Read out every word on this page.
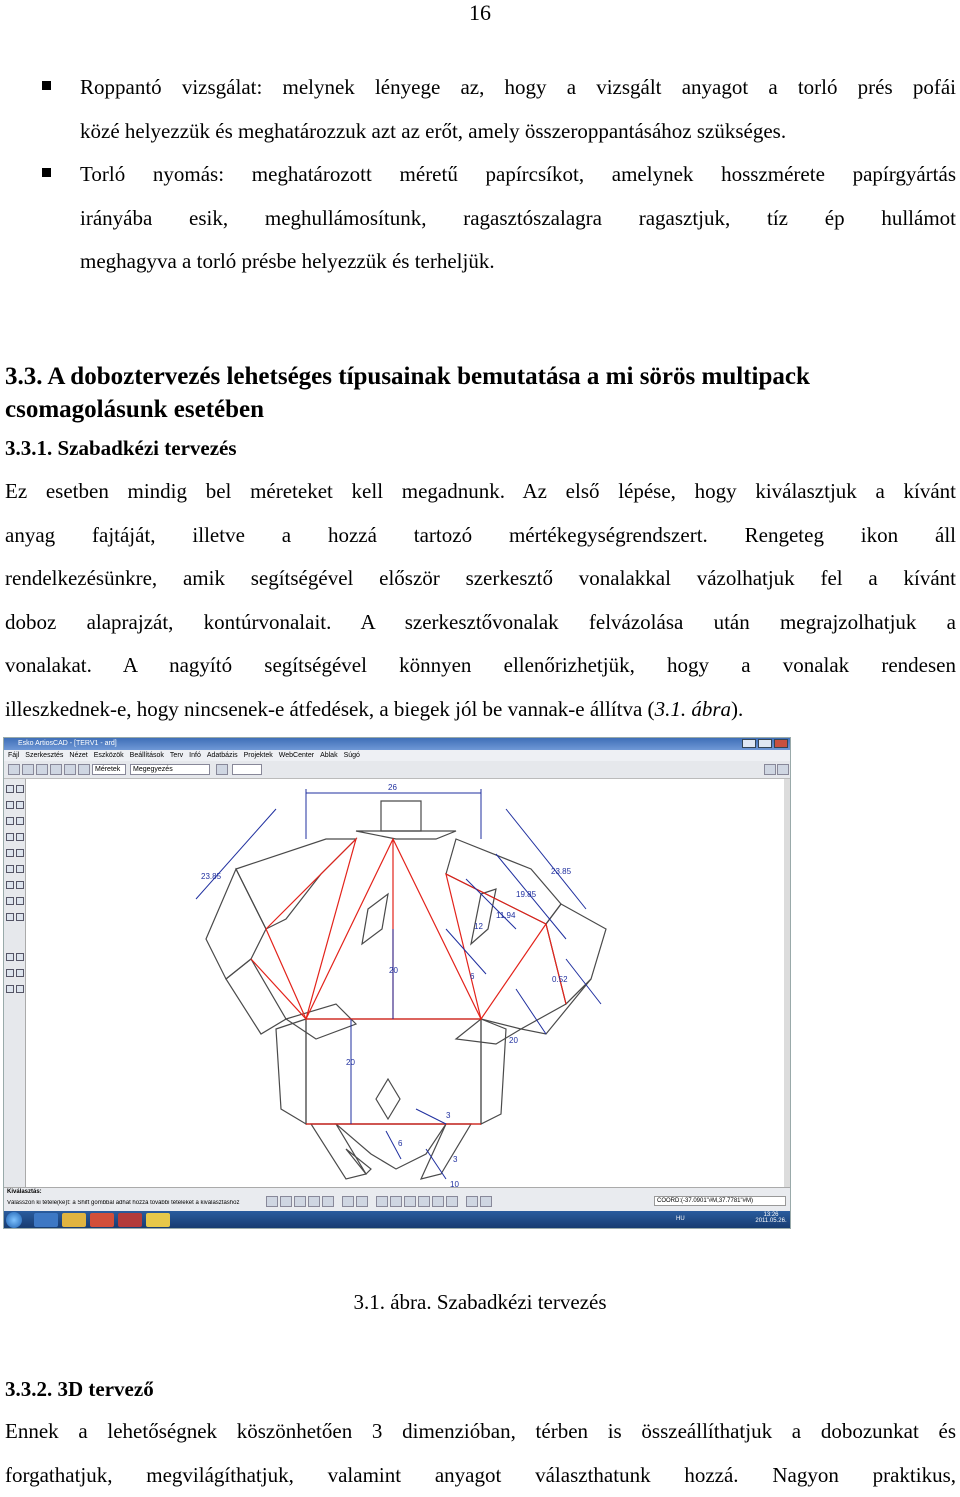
16
Roppantó vizsgálat: melynek lényege az, hogy a vizsgált anyagot a torló prés pofái
közé helyezzük és meghatározzuk azt az erőt, amely összeroppantásához szükséges.
Torló nyomás: meghatározott méretű papírcsíkot, amelynek hosszmérete papírgyártás
irányába esik, meghullámosítunk, ragasztószalagra ragasztjuk, tíz ép hullámot
meghagyva a torló présbe helyezzük és terheljük.
3.3. A doboztervezés lehetséges típusainak bemutatása a mi sörös multipack csomagolásunk esetében
3.3.1. Szabadkézi tervezés
Ez esetben mindig bel méreteket kell megadnunk. Az első lépése, hogy kiválasztjuk a kívánt
anyag fajtáját, illetve a hozzá tartozó mértékegységrendszert. Rengeteg ikon áll
rendelkezésünkre, amik segítségével először szerkesztő vonalakkal vázolhatjuk fel a kívánt
doboz alaprajzát, kontúrvonalait. A szerkesztővonalak felvázolása után megrajzolhatjuk a
vonalakat. A nagyító segítségével könnyen ellenőrizhetjük, hogy a vonalak rendesen
illeszkednek-e, hogy nincsenek-e átfedések, a biegek jól be vannak-e állítva (3.1. ábra).
Esko ArtiosCAD - [TERV1 - ard]
Fájl Szerkesztés Nézet Eszközök Beállítások Terv Infó Adatbázis Projektek WebCenter Ablak Súgó
Méretek	Megegyezés
26
23.85
23.85
19.85
11.94
12
20
6	0.52
20
20
3
6
3
10
Kiválasztás:
Válasszon ki tétele(ke)t: a Shift gombbal adhat hozzá további tételeket a kiválasztáshoz	COORD:(-37.0901"#M,37.7781"#M)
HU
13:26
2011.05.26.
3.1. ábra. Szabadkézi tervezés
3.3.2. 3D tervező
Ennek a lehetőségnek köszönhetően 3 dimenzióban, térben is összeállíthatjuk a dobozunkat és
forgathatjuk, megvilágíthatjuk, valamint anyagot választhatunk hozzá. Nagyon praktikus,
